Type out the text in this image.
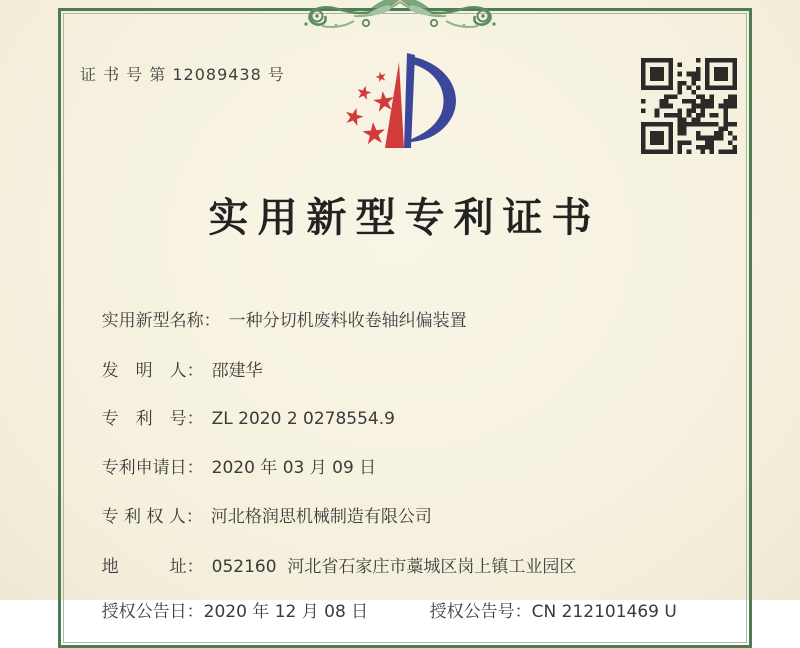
证 书 号 第 12089438 号
实用新型专利证书

实用新型名称： 一种分切机废料收卷轴纠偏装置

发　明　人： 邵建华

专　利　号： ZL 2020 2 0278554.9

专利申请日： 2020 年 03 月 09 日

专 利 权 人： 河北格润思机械制造有限公司

地　　　址： 052160  河北省石家庄市藁城区岗上镇工业园区

授权公告日：2020 年 12 月 08 日
	授权公告号：CN 212101469 U
